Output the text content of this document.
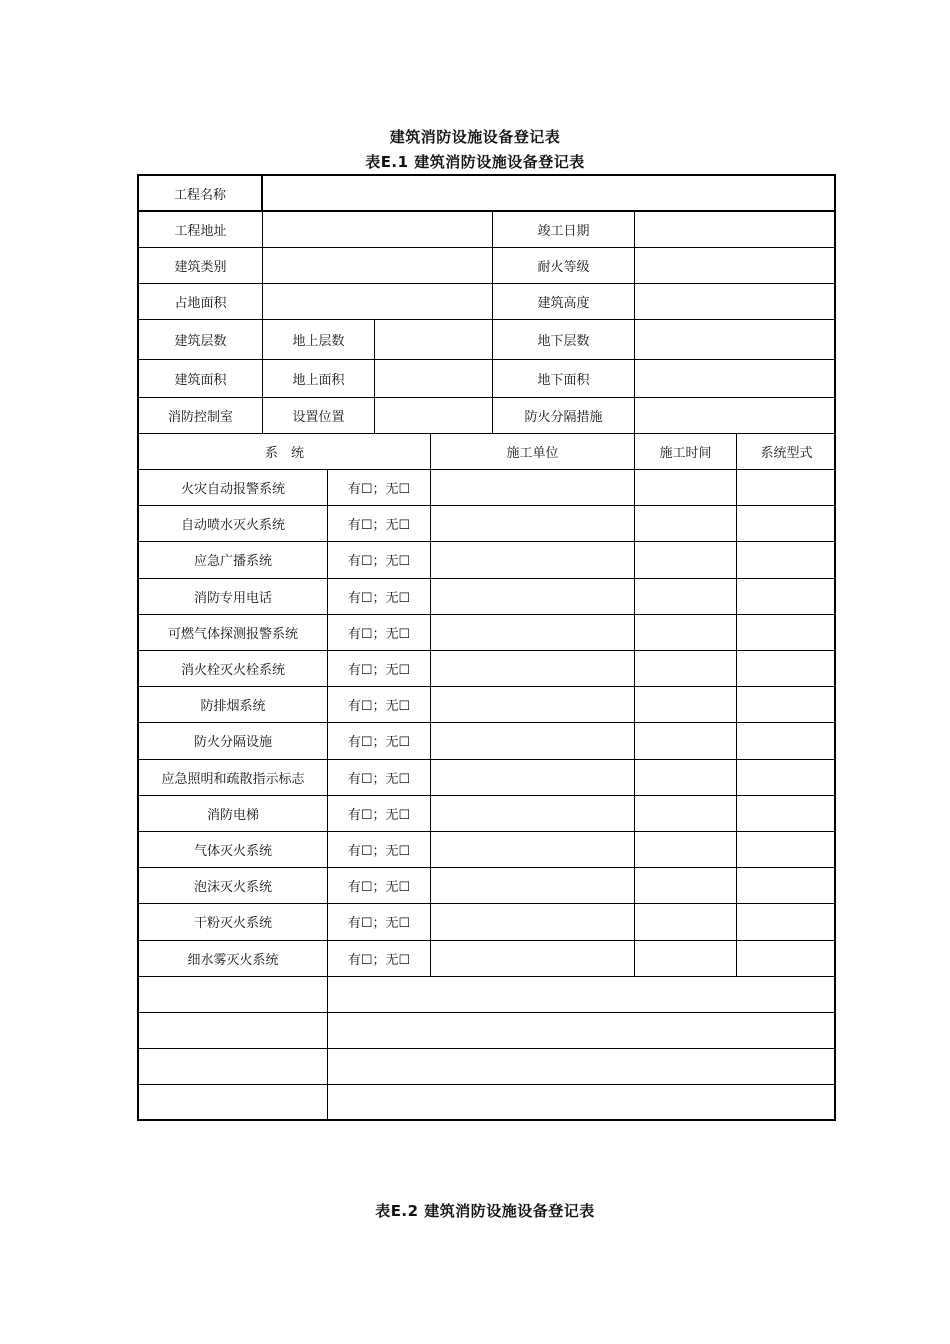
建筑消防设施设备登记表
表E.1 建筑消防设施设备登记表
工程名称
工程地址	竣工日期
建筑类别	耐火等级
占地面积	建筑高度
建筑层数	地上层数	地下层数
建筑面积	地上面积	地下面积
消防控制室	设置位置	防火分隔措施
系　统	施工单位	施工时间	系统型式
火灾自动报警系统	有☐；无☐
自动喷水灭火系统	有☐；无☐
应急广播系统	有☐；无☐
消防专用电话	有☐；无☐
可燃气体探测报警系统	有☐；无☐
消火栓灭火栓系统	有☐；无☐
防排烟系统	有☐；无☐
防火分隔设施	有☐；无☐
应急照明和疏散指示标志	有☐；无☐
消防电梯	有☐；无☐
气体灭火系统	有☐；无☐
泡沫灭火系统	有☐；无☐
干粉灭火系统	有☐；无☐
细水雾灭火系统	有☐；无☐
表E.2 建筑消防设施设备登记表
